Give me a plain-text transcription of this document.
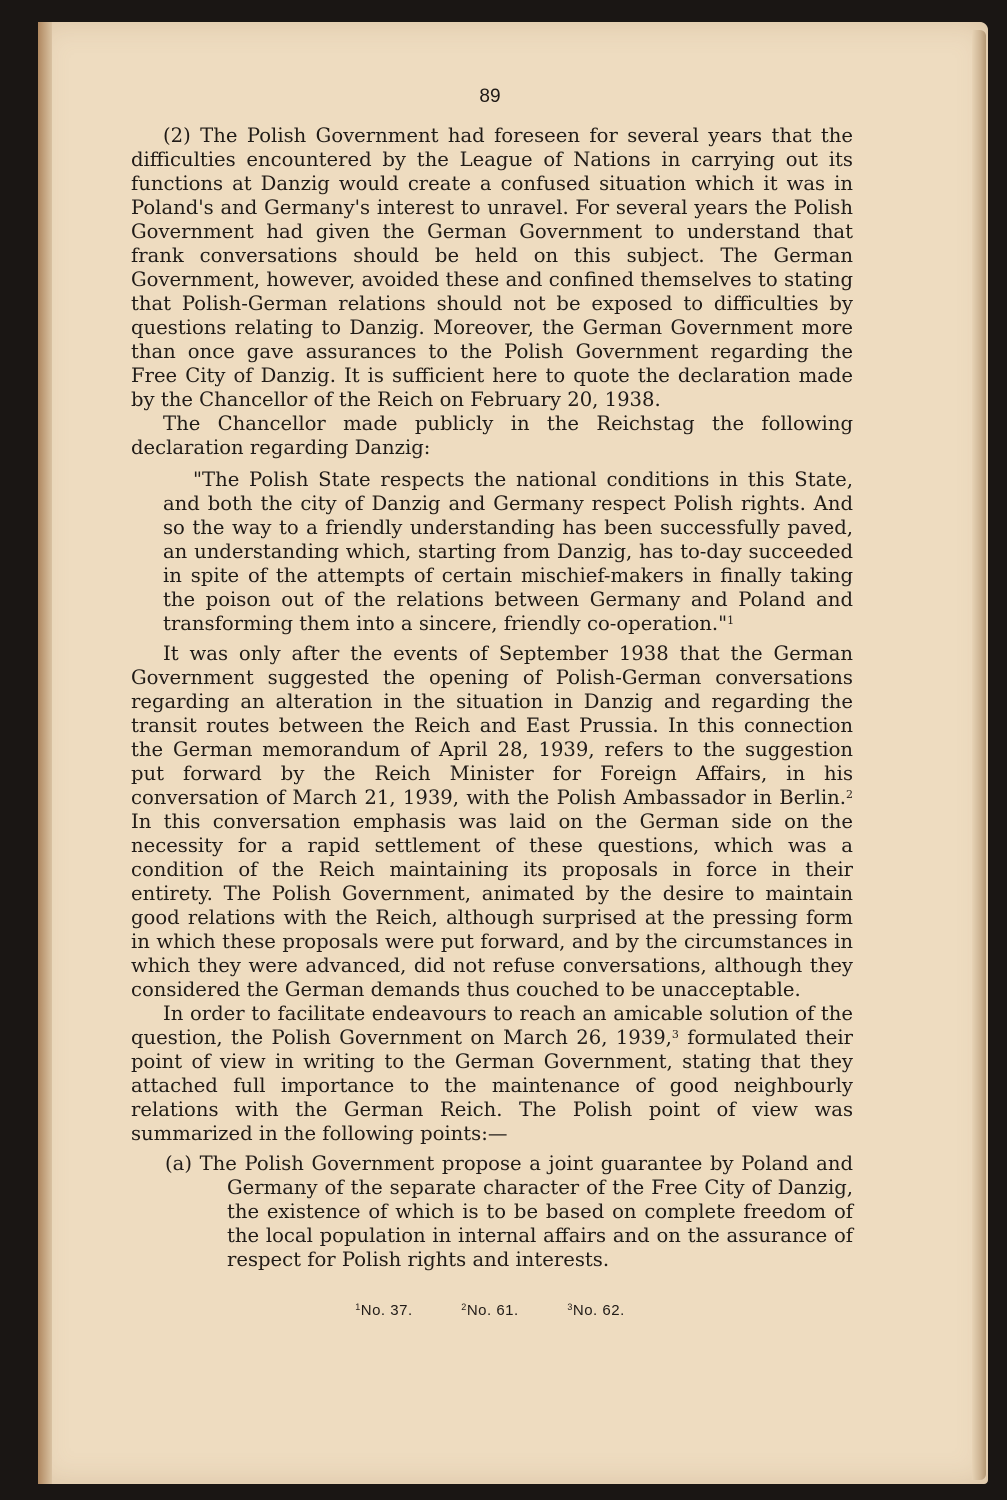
89

(2) The Polish Government had foreseen for several years that the difficulties encountered by the League of Nations in carrying out its functions at Danzig would create a confused situation which it was in Poland's and Germany's interest to unravel. For several years the Polish Government had given the German Government to understand that frank conversations should be held on this subject. The German Government, however, avoided these and confined themselves to stating that Polish-German relations should not be exposed to difficulties by questions relating to Danzig. Moreover, the German Government more than once gave assurances to the Polish Government regarding the Free City of Danzig. It is sufficient here to quote the declaration made by the Chancellor of the Reich on February 20, 1938.

The Chancellor made publicly in the Reichstag the following declaration regarding Danzig:

"The Polish State respects the national conditions in this State, and both the city of Danzig and Germany respect Polish rights. And so the way to a friendly understanding has been successfully paved, an understanding which, starting from Danzig, has to-day succeeded in spite of the attempts of certain mischief-makers in finally taking the poison out of the relations between Germany and Poland and transforming them into a sincere, friendly co-operation."$^1$

It was only after the events of September 1938 that the German Government suggested the opening of Polish-German conversations regarding an alteration in the situation in Danzig and regarding the transit routes between the Reich and East Prussia. In this connection the German memorandum of April 28, 1939, refers to the suggestion put forward by the Reich Minister for Foreign Affairs, in his conversation of March 21, 1939, with the Polish Ambassador in Berlin.$^2$ In this conversation emphasis was laid on the German side on the necessity for a rapid settlement of these questions, which was a condition of the Reich maintaining its proposals in force in their entirety. The Polish Government, animated by the desire to maintain good relations with the Reich, although surprised at the pressing form in which these proposals were put forward, and by the circumstances in which they were advanced, did not refuse conversations, although they considered the German demands thus couched to be unacceptable.

In order to facilitate endeavours to reach an amicable solution of the question, the Polish Government on March 26, 1939,$^3$ formulated their point of view in writing to the German Government, stating that they attached full importance to the maintenance of good neighbourly relations with the German Reich. The Polish point of view was summarized in the following points:—

(a) The Polish Government propose a joint guarantee by Poland and Germany of the separate character of the Free City of Danzig, the existence of which is to be based on complete freedom of the local population in internal affairs and on the assurance of respect for Polish rights and interests.

$^1$No. 37.	$^2$No. 61.	$^3$No. 62.
